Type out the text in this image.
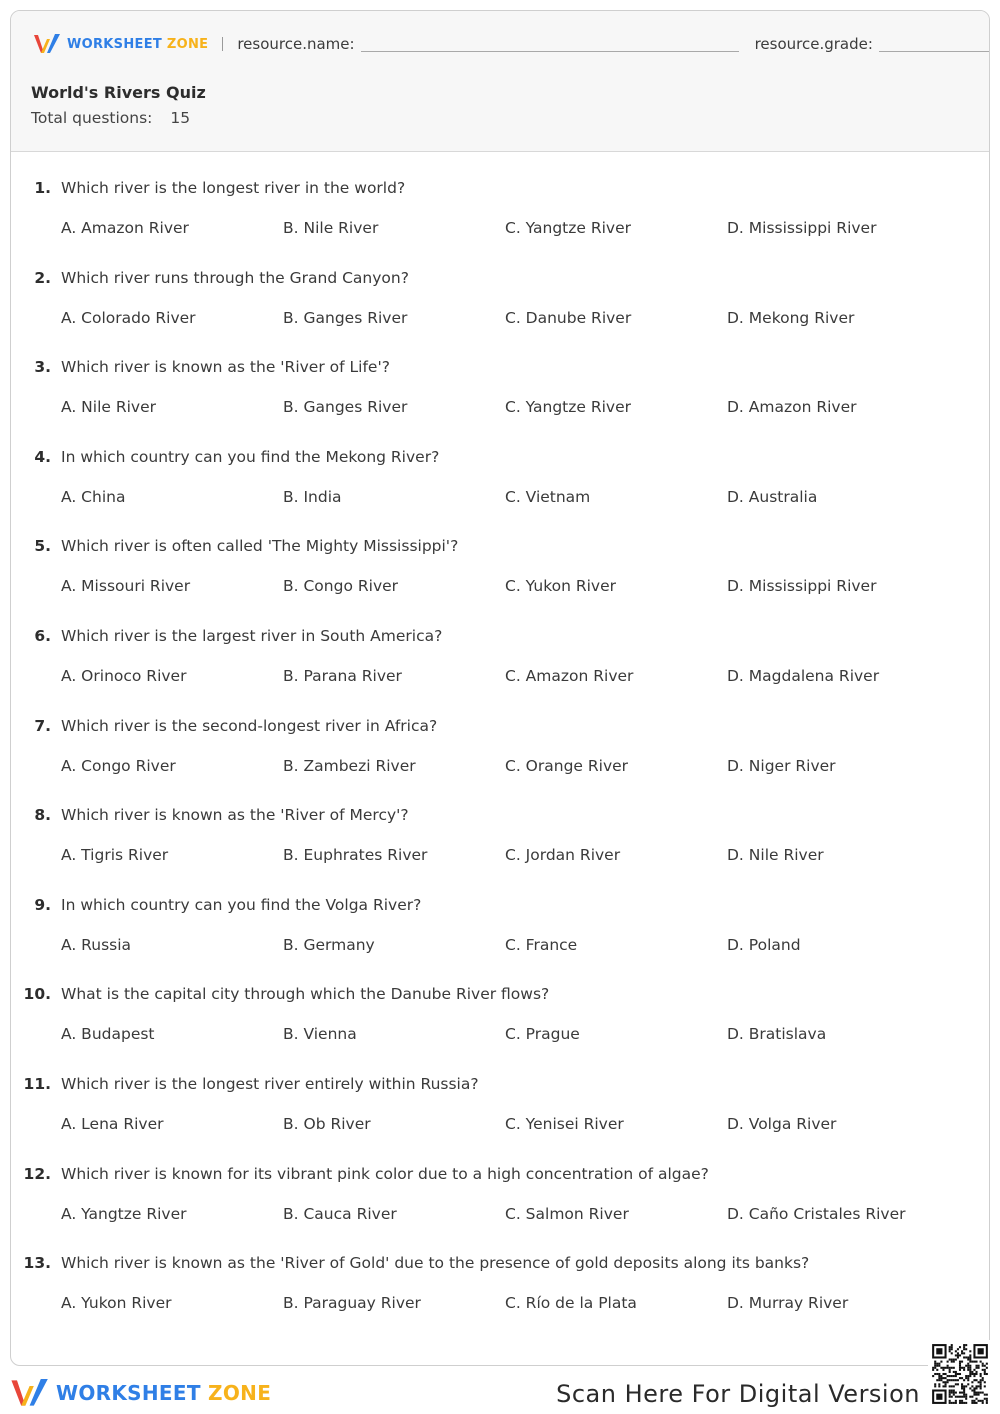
WORKSHEET ZONE resource.name:	resource.grade:
World's Rivers Quiz
Total questions: 15
1. Which river is the longest river in the world?
A. Amazon River	B. Nile River	C. Yangtze River	D. Mississippi River
2. Which river runs through the Grand Canyon?
A. Colorado River	B. Ganges River	C. Danube River	D. Mekong River
3. Which river is known as the 'River of Life'?
A. Nile River	B. Ganges River	C. Yangtze River	D. Amazon River
4. In which country can you find the Mekong River?
A. China	B. India	C. Vietnam	D. Australia
5. Which river is often called 'The Mighty Mississippi'?
A. Missouri River	B. Congo River	C. Yukon River	D. Mississippi River
6. Which river is the largest river in South America?
A. Orinoco River	B. Parana River	C. Amazon River	D. Magdalena River
7. Which river is the second-longest river in Africa?
A. Congo River	B. Zambezi River	C. Orange River	D. Niger River
8. Which river is known as the 'River of Mercy'?
A. Tigris River	B. Euphrates River	C. Jordan River	D. Nile River
9. In which country can you find the Volga River?
A. Russia	B. Germany	C. France	D. Poland
10. What is the capital city through which the Danube River flows?
A. Budapest	B. Vienna	C. Prague	D. Bratislava
11. Which river is the longest river entirely within Russia?
A. Lena River	B. Ob River	C. Yenisei River	D. Volga River
12. Which river is known for its vibrant pink color due to a high concentration of algae?
A. Yangtze River	B. Cauca River	C. Salmon River	D. Caño Cristales River
13. Which river is known as the 'River of Gold' due to the presence of gold deposits along its banks?
A. Yukon River	B. Paraguay River	C. Río de la Plata	D. Murray River
WORKSHEET ZONE	Scan Here For Digital Version
